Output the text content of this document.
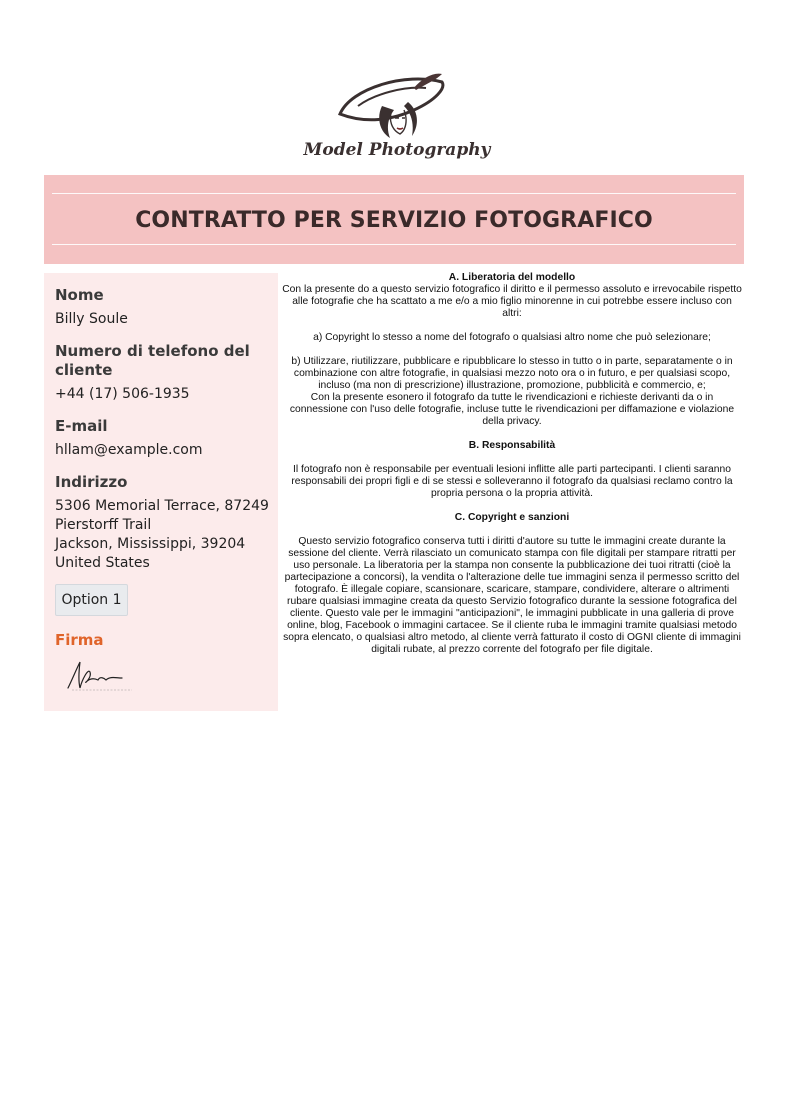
Model Photography
CONTRATTO PER SERVIZIO FOTOGRAFICO
Nome
Billy Soule
Numero di telefono del cliente
+44 (17) 506-1935
E-mail
hllam@example.com
Indirizzo
5306 Memorial Terrace, 87249 Pierstorff Trail
Jackson, Mississippi, 39204
United States
Option 1
Firma

A. Liberatoria del modello

Con la presente do a questo servizio fotografico il diritto e il permesso assoluto e irrevocabile rispetto alle fotografie che ha scattato a me e/o a mio figlio minorenne in cui potrebbe essere incluso con altri:

a) Copyright lo stesso a nome del fotografo o qualsiasi altro nome che può selezionare;

b) Utilizzare, riutilizzare, pubblicare e ripubblicare lo stesso in tutto o in parte, separatamente o in combinazione con altre fotografie, in qualsiasi mezzo noto ora o in futuro, e per qualsiasi scopo, incluso (ma non di prescrizione) illustrazione, promozione, pubblicità e commercio, e;

Con la presente esonero il fotografo da tutte le rivendicazioni e richieste derivanti da o in connessione con l'uso delle fotografie, incluse tutte le rivendicazioni per diffamazione e violazione della privacy.

B. Responsabilità

Il fotografo non è responsabile per eventuali lesioni inflitte alle parti partecipanti. I clienti saranno responsabili dei propri figli e di se stessi e solleveranno il fotografo da qualsiasi reclamo contro la propria persona o la propria attività.

C. Copyright e sanzioni

Questo servizio fotografico conserva tutti i diritti d'autore su tutte le immagini create durante la sessione del cliente. Verrà rilasciato un comunicato stampa con file digitali per stampare ritratti per uso personale. La liberatoria per la stampa non consente la pubblicazione dei tuoi ritratti (cioè la partecipazione a concorsi), la vendita o l'alterazione delle tue immagini senza il permesso scritto del fotografo. È illegale copiare, scansionare, scaricare, stampare, condividere, alterare o altrimenti rubare qualsiasi immagine creata da questo Servizio fotografico durante la sessione fotografica del cliente. Questo vale per le immagini "anticipazioni", le immagini pubblicate in una galleria di prove online, blog, Facebook o immagini cartacee. Se il cliente ruba le immagini tramite qualsiasi metodo sopra elencato, o qualsiasi altro metodo, al cliente verrà fatturato il costo di OGNI cliente di immagini digitali rubate, al prezzo corrente del fotografo per file digitale.
